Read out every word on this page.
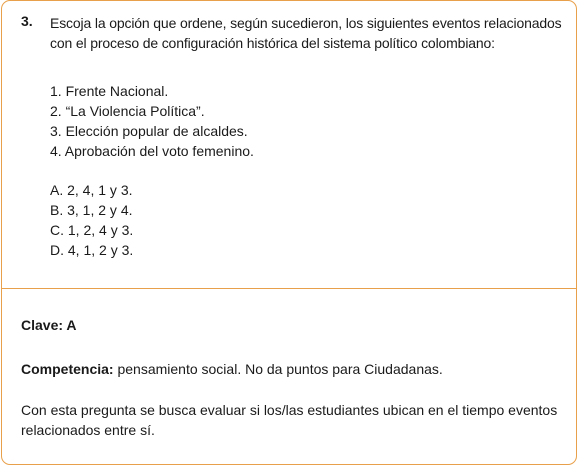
3. Escoja la opción que ordene, según sucedieron, los siguientes eventos relacionados con el proceso de configuración histórica del sistema político colombiano:
1. Frente Nacional.
2. “La Violencia Política”.
3. Elección popular de alcaldes.
4. Aprobación del voto femenino.
A. 2, 4, 1 y 3.
B. 3, 1, 2 y 4.
C. 1, 2, 4 y 3.
D. 4, 1, 2 y 3.
Clave: A
Competencia: pensamiento social. No da puntos para Ciudadanas.
Con esta pregunta se busca evaluar si los/las estudiantes ubican en el tiempo eventos relacionados entre sí.
